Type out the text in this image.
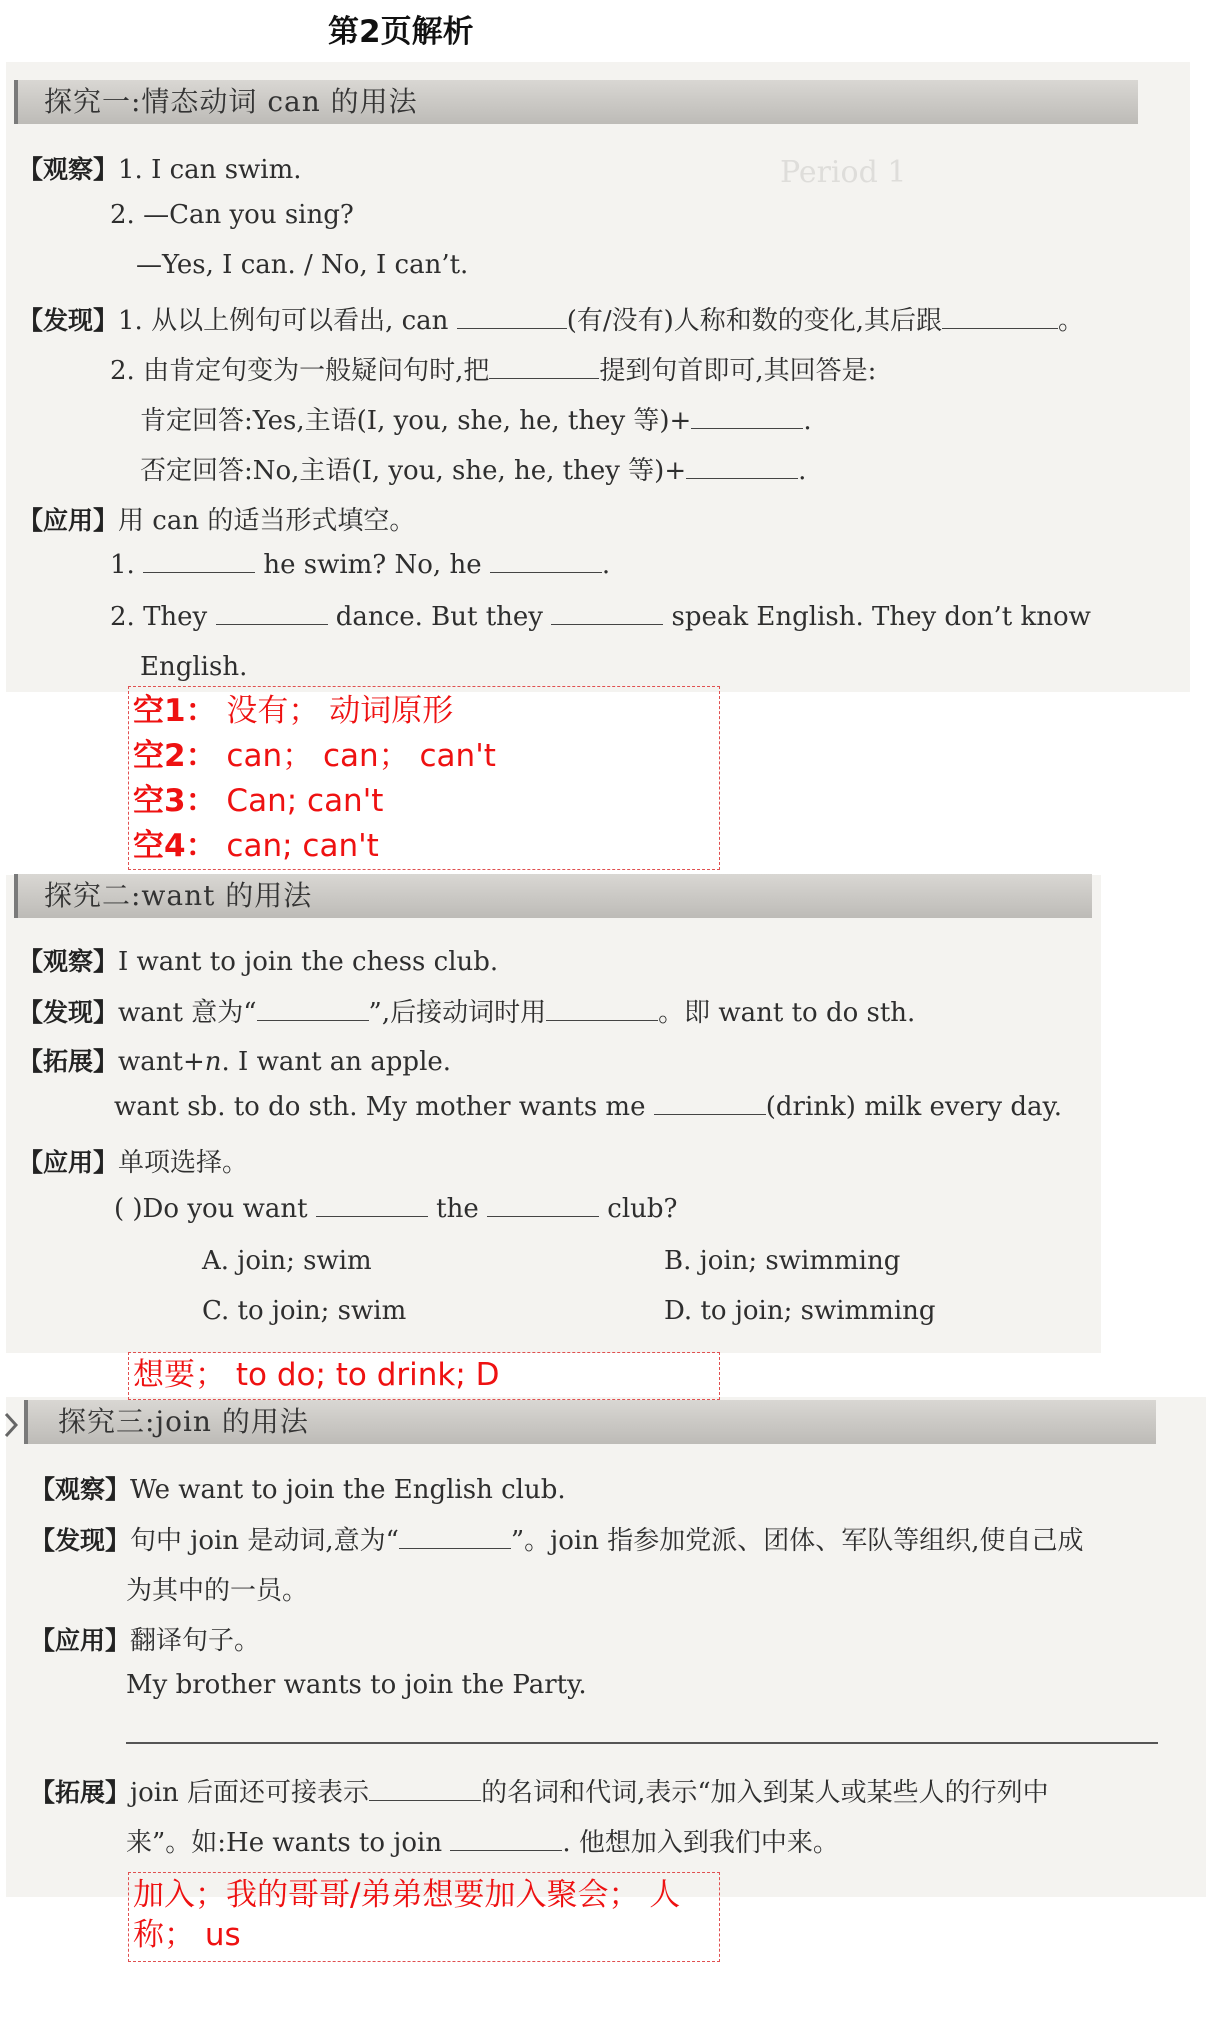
第2页解析
Period 1
探究一:情态动词 can 的用法
【观察】1. I can swim.
2. —Can you sing?
—Yes, I can. / No, I can’t.
【发现】1. 从以上例句可以看出, can	(有/没有)人称和数的变化,其后跟	。
2. 由肯定句变为一般疑问句时,把	提到句首即可,其回答是:
肯定回答:Yes,主语(I, you, she, he, they 等)+	.
否定回答:No,主语(I, you, she, he, they 等)+	.
【应用】用 can 的适当形式填空。
1.	he swim? No, he	.
2. They	dance. But they	speak English. They don’t know
English.
空1： 没有； 动词原形
空2： can； can； can't
空3： Can; can't
空4： can; can't
探究二:want 的用法
【观察】I want to join the chess club.
【发现】want 意为“	”,后接动词时用	。即 want to do sth.
【拓展】want+n. I want an apple.
want sb. to do sth. My mother wants me	(drink) milk every day.
【应用】单项选择。
( )Do you want	the	club?
A. join; swim	B. join; swimming
C. to join; swim	D. to join; swimming
想要； to do; to drink; D
探究三:join 的用法
【观察】We want to join the English club.
【发现】句中 join 是动词,意为“	”。join 指参加党派、团体、军队等组织,使自己成
为其中的一员。
【应用】翻译句子。
My brother wants to join the Party.
【拓展】join 后面还可接表示	的名词和代词,表示“加入到某人或某些人的行列中
来”。如:He wants to join	. 他想加入到我们中来。
加入；我的哥哥/弟弟想要加入聚会； 人
称； us
